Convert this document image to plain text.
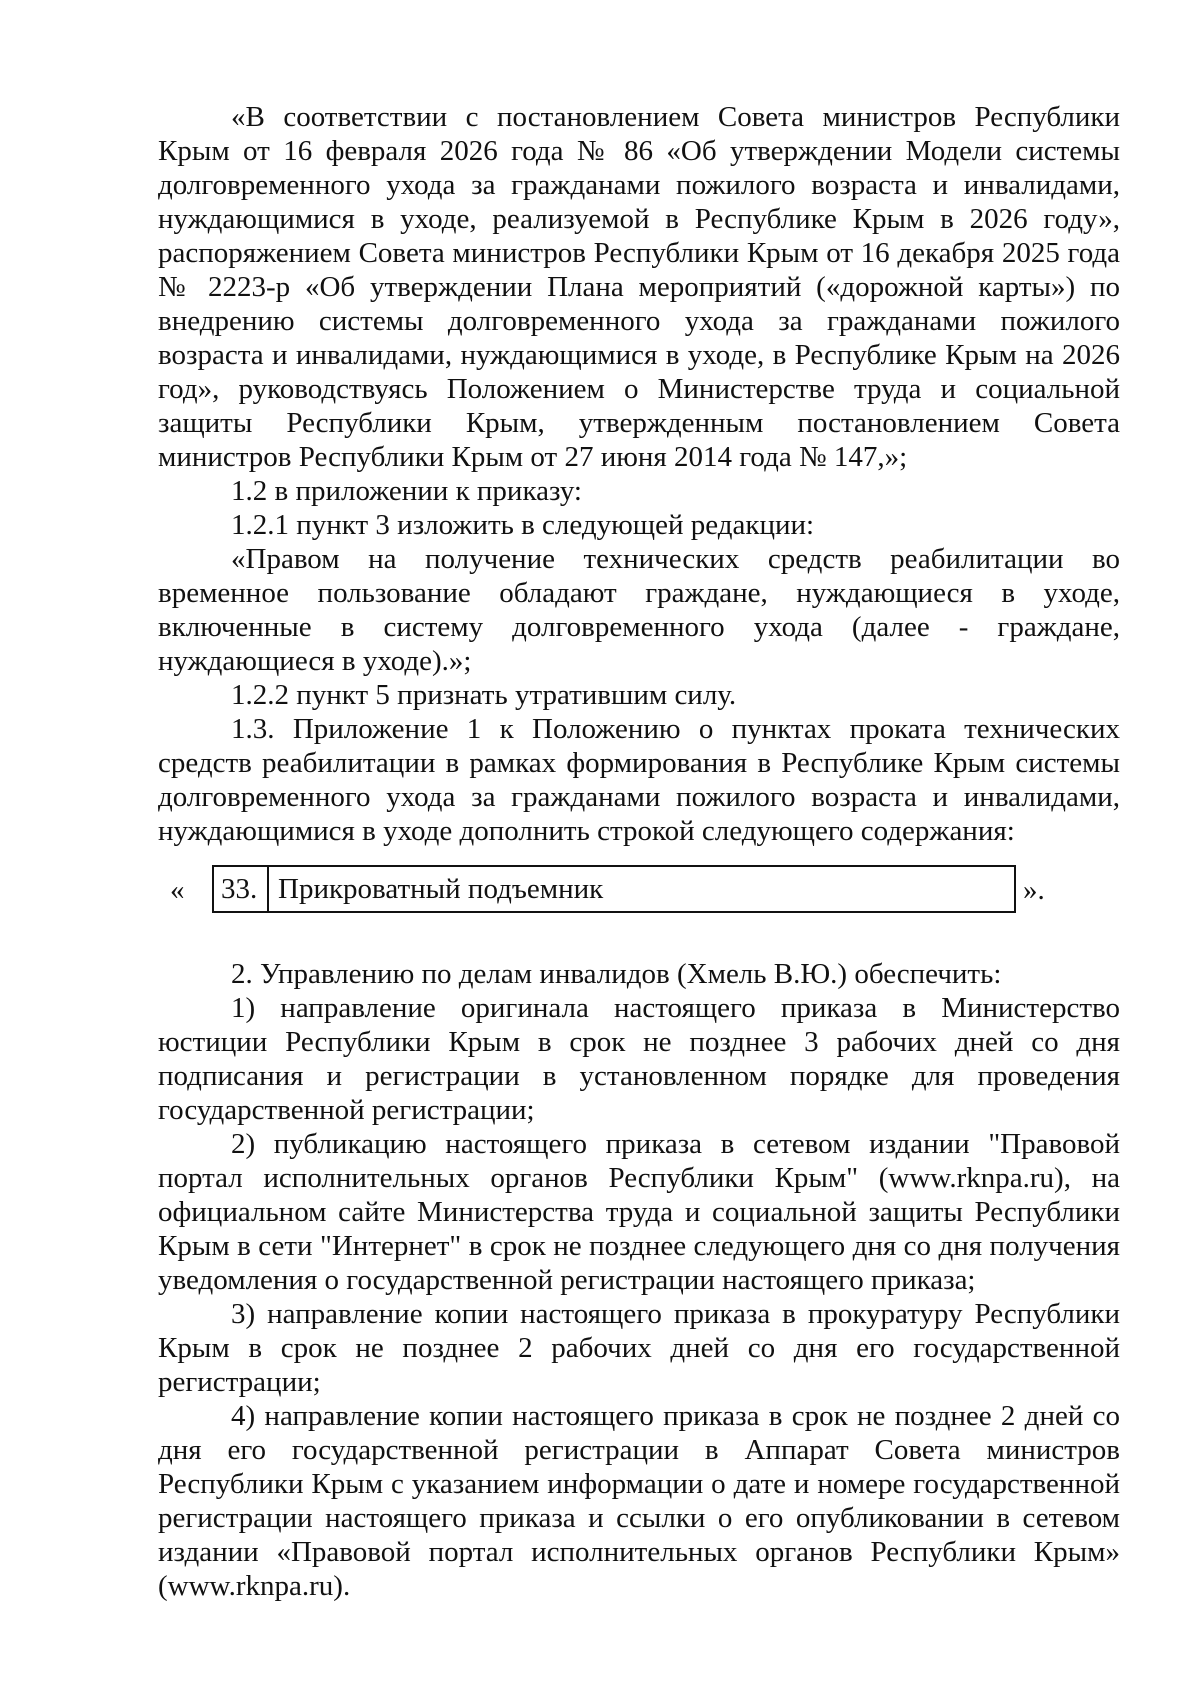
«В соответствии с постановлением Совета министров Республики Крым от 16 февраля 2026 года № 86 «Об утверждении Модели системы долговременного ухода за гражданами пожилого возраста и инвалидами, нуждающимися в уходе, реализуемой в Республике Крым в 2026 году», распоряжением Совета министров Республики Крым от 16 декабря 2025 года № 2223-р «Об утверждении Плана мероприятий («дорожной карты») по внедрению системы долговременного ухода за гражданами пожилого возраста и инвалидами, нуждающимися в уходе, в Республике Крым на 2026 год», руководствуясь Положением о Министерстве труда и социальной защиты Республики Крым, утвержденным постановлением Совета министров Республики Крым от 27 июня 2014 года № 147,»;

1.2 в приложении к приказу:

1.2.1 пункт 3 изложить в следующей редакции:

«Правом на получение технических средств реабилитации во временное пользование обладают граждане, нуждающиеся в уходе, включенные в систему долговременного ухода (далее - граждане, нуждающиеся в уходе).»;

1.2.2 пункт 5 признать утратившим силу.

1.3. Приложение 1 к Положению о пунктах проката технических средств реабилитации в рамках формирования в Республике Крым системы долговременного ухода за гражданами пожилого возраста и инвалидами, нуждающимися в уходе дополнить строкой следующего содержания:

« 33. Прикроватный подъемник	».

2. Управлению по делам инвалидов (Хмель В.Ю.) обеспечить:

1) направление оригинала настоящего приказа в Министерство юстиции Республики Крым в срок не позднее 3 рабочих дней со дня подписания и регистрации в установленном порядке для проведения государственной регистрации;

2) публикацию настоящего приказа в сетевом издании "Правовой портал исполнительных органов Республики Крым" (www.rknpa.ru), на официальном сайте Министерства труда и социальной защиты Республики Крым в сети "Интернет" в срок не позднее следующего дня со дня получения уведомления о государственной регистрации настоящего приказа;

3) направление копии настоящего приказа в прокуратуру Республики Крым в срок не позднее 2 рабочих дней со дня его государственной регистрации;

4) направление копии настоящего приказа в срок не позднее 2 дней со дня его государственной регистрации в Аппарат Совета министров Республики Крым с указанием информации о дате и номере государственной регистрации настоящего приказа и ссылки о его опубликовании в сетевом издании «Правовой портал исполнительных органов Республики Крым» (www.rknpa.ru).
